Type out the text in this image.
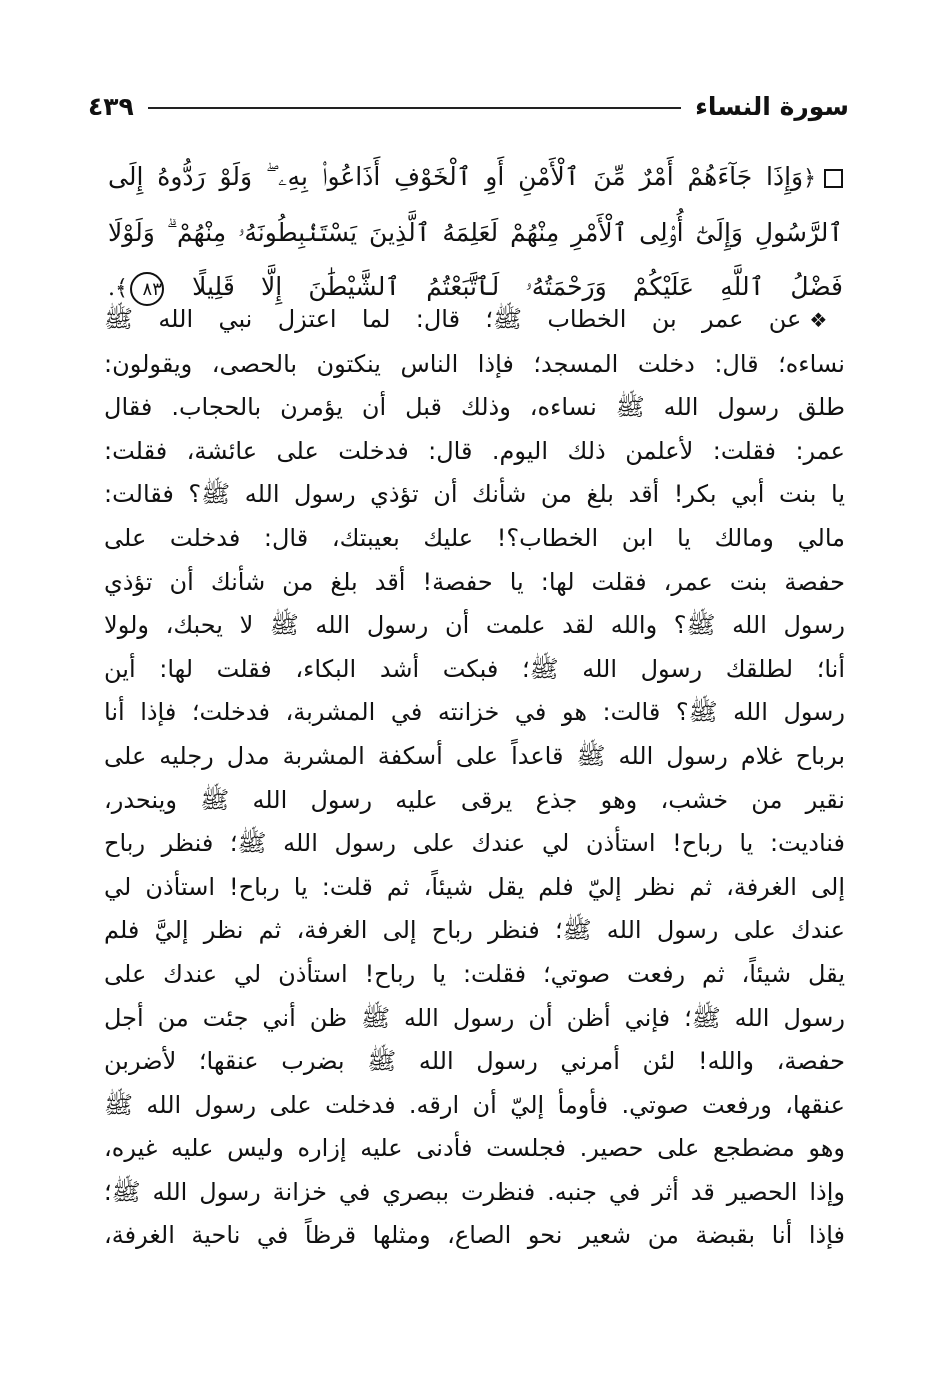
سورة النساء
٤٣٩
﴿وَإِذَا جَآءَهُمْ أَمْرٌ مِّنَ ٱلْأَمْنِ أَوِ ٱلْخَوْفِ أَذَاعُوا۟ بِهِۦ ۖ وَلَوْ رَدُّوهُ إِلَى ٱلرَّسُولِ وَإِلَىٰٓ أُو۟لِى ٱلْأَمْرِ مِنْهُمْ لَعَلِمَهُ ٱلَّذِينَ يَسْتَنۢبِطُونَهُۥ مِنْهُمْ ۗ وَلَوْلَا فَضْلُ ٱللَّهِ عَلَيْكُمْ وَرَحْمَتُهُۥ لَٱتَّبَعْتُمُ ٱلشَّيْطَٰنَ إِلَّا قَلِيلًا ٨٣﴾.
❖عن عمر بن الخطاب ﷺ؛ قال: لما اعتزل نبي الله ﷺ
نساءه؛ قال: دخلت المسجد؛ فإذا الناس ينكتون بالحصى، ويقولون:
طلق رسول الله ﷺ نساءه، وذلك قبل أن يؤمرن بالحجاب. فقال
عمر: فقلت: لأعلمن ذلك اليوم. قال: فدخلت على عائشة، فقلت:
يا بنت أبي بكر! أقد بلغ من شأنك أن تؤذي رسول الله ﷺ؟ فقالت:
مالي ومالك يا ابن الخطاب؟! عليك بعيبتك، قال: فدخلت على
حفصة بنت عمر، فقلت لها: يا حفصة! أقد بلغ من شأنك أن تؤذي
رسول الله ﷺ؟ والله لقد علمت أن رسول الله ﷺ لا يحبك، ولولا
أنا؛ لطلقك رسول الله ﷺ؛ فبكت أشد البكاء، فقلت لها: أين
رسول الله ﷺ؟ قالت: هو في خزانته في المشربة، فدخلت؛ فإذا أنا
برباح غلام رسول الله ﷺ قاعداً على أسكفة المشربة مدل رجليه على
نقير من خشب، وهو جذع يرقى عليه رسول الله ﷺ وينحدر،
فناديت: يا رباح! استأذن لي عندك على رسول الله ﷺ؛ فنظر رباح
إلى الغرفة، ثم نظر إليّ فلم يقل شيئاً، ثم قلت: يا رباح! استأذن لي
عندك على رسول الله ﷺ؛ فنظر رباح إلى الغرفة، ثم نظر إليَّ فلم
يقل شيئاً، ثم رفعت صوتي؛ فقلت: يا رباح! استأذن لي عندك على
رسول الله ﷺ؛ فإني أظن أن رسول الله ﷺ ظن أني جئت من أجل
حفصة، والله! لئن أمرني رسول الله ﷺ بضرب عنقها؛ لأضربن
عنقها، ورفعت صوتي. فأومأ إليّ أن ارقه. فدخلت على رسول الله ﷺ
وهو مضطجع على حصير. فجلست فأدنى عليه إزاره وليس عليه غيره،
وإذا الحصير قد أثر في جنبه. فنظرت ببصري في خزانة رسول الله ﷺ؛
فإذا أنا بقبضة من شعير نحو الصاع، ومثلها قرظاً في ناحية الغرفة،
